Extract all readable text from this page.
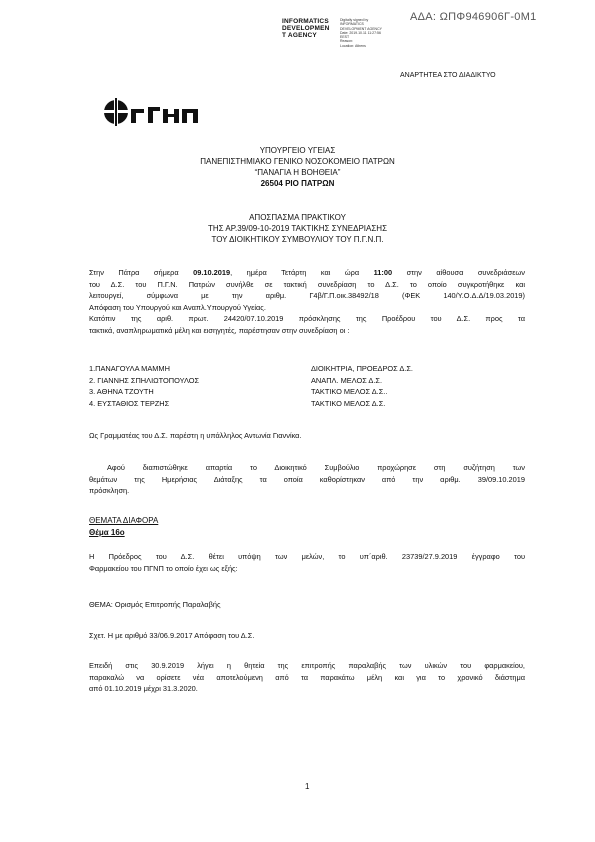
ΑΔΑ: ΩΠΦ946906Γ-0Μ1
INFORMATICS
DEVELOPMEN
T AGENCY
Digitally signed by
INFORMATICS
DEVELOPMENT AGENCY
Date: 2019.10.11 11:27:56
EEST
Reason:
Location: Athens
ΑΝΑΡΤΗΤΕΑ ΣΤΟ ΔΙΑΔΙΚΤΥΟ
ΥΠΟΥΡΓΕΙΟ ΥΓΕΙΑΣ
ΠΑΝΕΠΙΣΤΗΜΙΑΚΟ ΓΕΝΙΚΟ ΝΟΣΟΚΟΜΕΙΟ ΠΑΤΡΩΝ
“ΠΑΝΑΓΙΑ Η ΒΟΗΘΕΙΑ”
26504 ΡΙΟ ΠΑΤΡΩΝ
ΑΠΟΣΠΑΣΜΑ ΠΡΑΚΤΙΚΟΥ
ΤΗΣ ΑΡ.39/09-10-2019 ΤΑΚΤΙΚΗΣ ΣΥΝΕΔΡΙΑΣΗΣ
ΤΟΥ ΔΙΟΙΚΗΤΙΚΟΥ ΣΥΜΒΟΥΛΙΟΥ ΤΟΥ Π.Γ.Ν.Π.
Στην Πάτρα σήμερα 09.10.2019, ημέρα Τετάρτη και ώρα 11:00 στην αίθουσα συνεδριάσεων
του Δ.Σ. του Π.Γ.Ν. Πατρών συνήλθε σε τακτική συνεδρίαση το Δ.Σ. το οποίο συγκροτήθηκε και
λειτουργεί, σύμφωνα με την αριθμ. Γ4β/Γ.Π.οικ.38492/18 (ΦΕΚ 140/Υ.Ο.Δ.Δ/19.03.2019)
Απόφαση του Υπουργού και Αναπλ.Υπουργού Υγείας.
Κατόπιν της αριθ. πρωτ. 24420/07.10.2019 πρόσκλησης της Προέδρου του Δ.Σ. προς τα
τακτικά, αναπληρωματικά μέλη και εισηγητές, παρέστησαν στην συνεδρίαση οι :
1.ΠΑΝΑΓΟΥΛΑ ΜΑΜΜΗ	ΔΙΟΙΚΗΤΡΙΑ, ΠΡΟΕΔΡΟΣ Δ.Σ.
2. ΓΙΑΝΝΗΣ ΣΠΗΛΙΩΤΟΠΟΥΛΟΣ	ΑΝΑΠΛ. ΜΕΛΟΣ Δ.Σ.
3. ΑΘΗΝΑ ΤΖΟΥΤΗ	ΤΑΚΤΙΚΟ ΜΕΛΟΣ Δ.Σ..
4. ΕΥΣΤΑΘΙΟΣ ΤΕΡΖΗΣ	ΤΑΚΤΙΚΟ ΜΕΛΟΣ Δ.Σ.
Ως Γραμματέας του Δ.Σ. παρέστη η υπάλληλος Αντωνία Γιαννίκα.
Αφού διαπιστώθηκε απαρτία το Διοικητικό Συμβούλιο προχώρησε στη συζήτηση των
θεμάτων της Ημερήσιας Διάταξης τα οποία καθορίστηκαν από την αριθμ. 39/09.10.2019
πρόσκληση.
ΘΕΜΑΤΑ ΔΙΑΦΟΡΑ
Θέμα 16ο
Η Πρόεδρος του Δ.Σ. θέτει υπόψη των μελών, το υπ΄αριθ. 23739/27.9.2019 έγγραφο του
Φαρμακείου του ΠΓΝΠ το οποίο έχει ως εξής:
ΘΕΜΑ: Ορισμός Επιτροπής Παραλαβής
Σχετ. Η με αριθμό 33/06.9.2017 Απόφαση του Δ.Σ.
Επειδή στις 30.9.2019 λήγει η θητεία της επιτροπής παραλαβής των υλικών του φαρμακείου,
παρακαλώ να ορίσετε νέα αποτελούμενη από τα παρακάτω μέλη και για το χρονικό διάστημα
από 01.10.2019 μέχρι 31.3.2020.
1
